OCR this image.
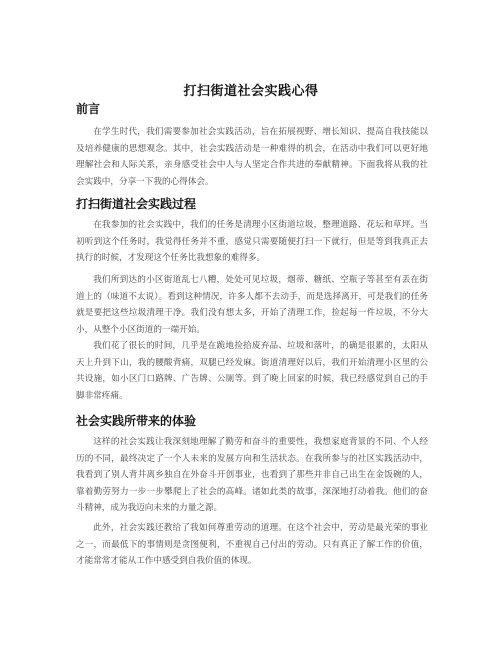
打扫街道社会实践心得
前言

在学生时代，我们需要参加社会实践活动，旨在拓展视野、增长知识、提高自我技能以及培养健康的思想观念。其中，社会实践活动是一种难得的机会，在活动中我们可以更好地理解社会和人际关系，亲身感受社会中人与人坚定合作共进的奉献精神。下面我将从我的社会实践中，分享一下我的心得体会。

打扫街道社会实践过程

在我参加的社会实践中，我们的任务是清理小区街道垃圾，整理道路、花坛和草坪。当初听到这个任务时，我觉得任务并不重，感觉只需要随便打扫一下就行，但是等到我真正去执行的时候，才发现这个任务比我想象的难得多。

我们所到达的小区街道乱七八糟，处处可见垃圾，烟蒂、糖纸、空瓶子等甚至有丢在街道上的（味道不太说）。看到这种情况，许多人都不去动手，而是选择离开，可是我们的任务就是要把这些垃圾清理干净。我们没有想太多，开始了清理工作，捡起每一件垃圾，不分大小，从整个小区街道的一端开始。

我们花了很长的时间，几乎是在跪地捡拾废弃品、垃圾和落叶，的确是很累的，太阳从天上升到下山，我的腰酸背痛，双腿已经发麻。街道清理好以后，我们开始清理小区里的公共设施，如小区门口路牌、广告牌、公厕等。到了晚上回家的时候，我已经感觉到自己的手脚非常疼痛。

社会实践所带来的体验

这样的社会实践让我深刻地理解了勤劳和奋斗的重要性，我想家庭背景的不同、个人经历的不同，最终决定了一个人未来的发展方向和生活状态。在我所参与的社区实践活动中，我看到了别人背井离乡独自在外奋斗开创事业，也看到了那些并非自己出生在金饭碗的人，靠着勤劳努力一步一步攀爬上了社会的高峰。诸如此类的故事，深深地打动着我。他们的奋斗精神，成为我迈向未来的力量之源。

此外，社会实践还教给了我如何尊重劳动的道理。在这个社会中，劳动是最光荣的事业之一，而最低下的事情则是贪图便利，不重视自己付出的劳动。只有真正了解工作的价值，才能常常才能从工作中感受到自我价值的体现。
